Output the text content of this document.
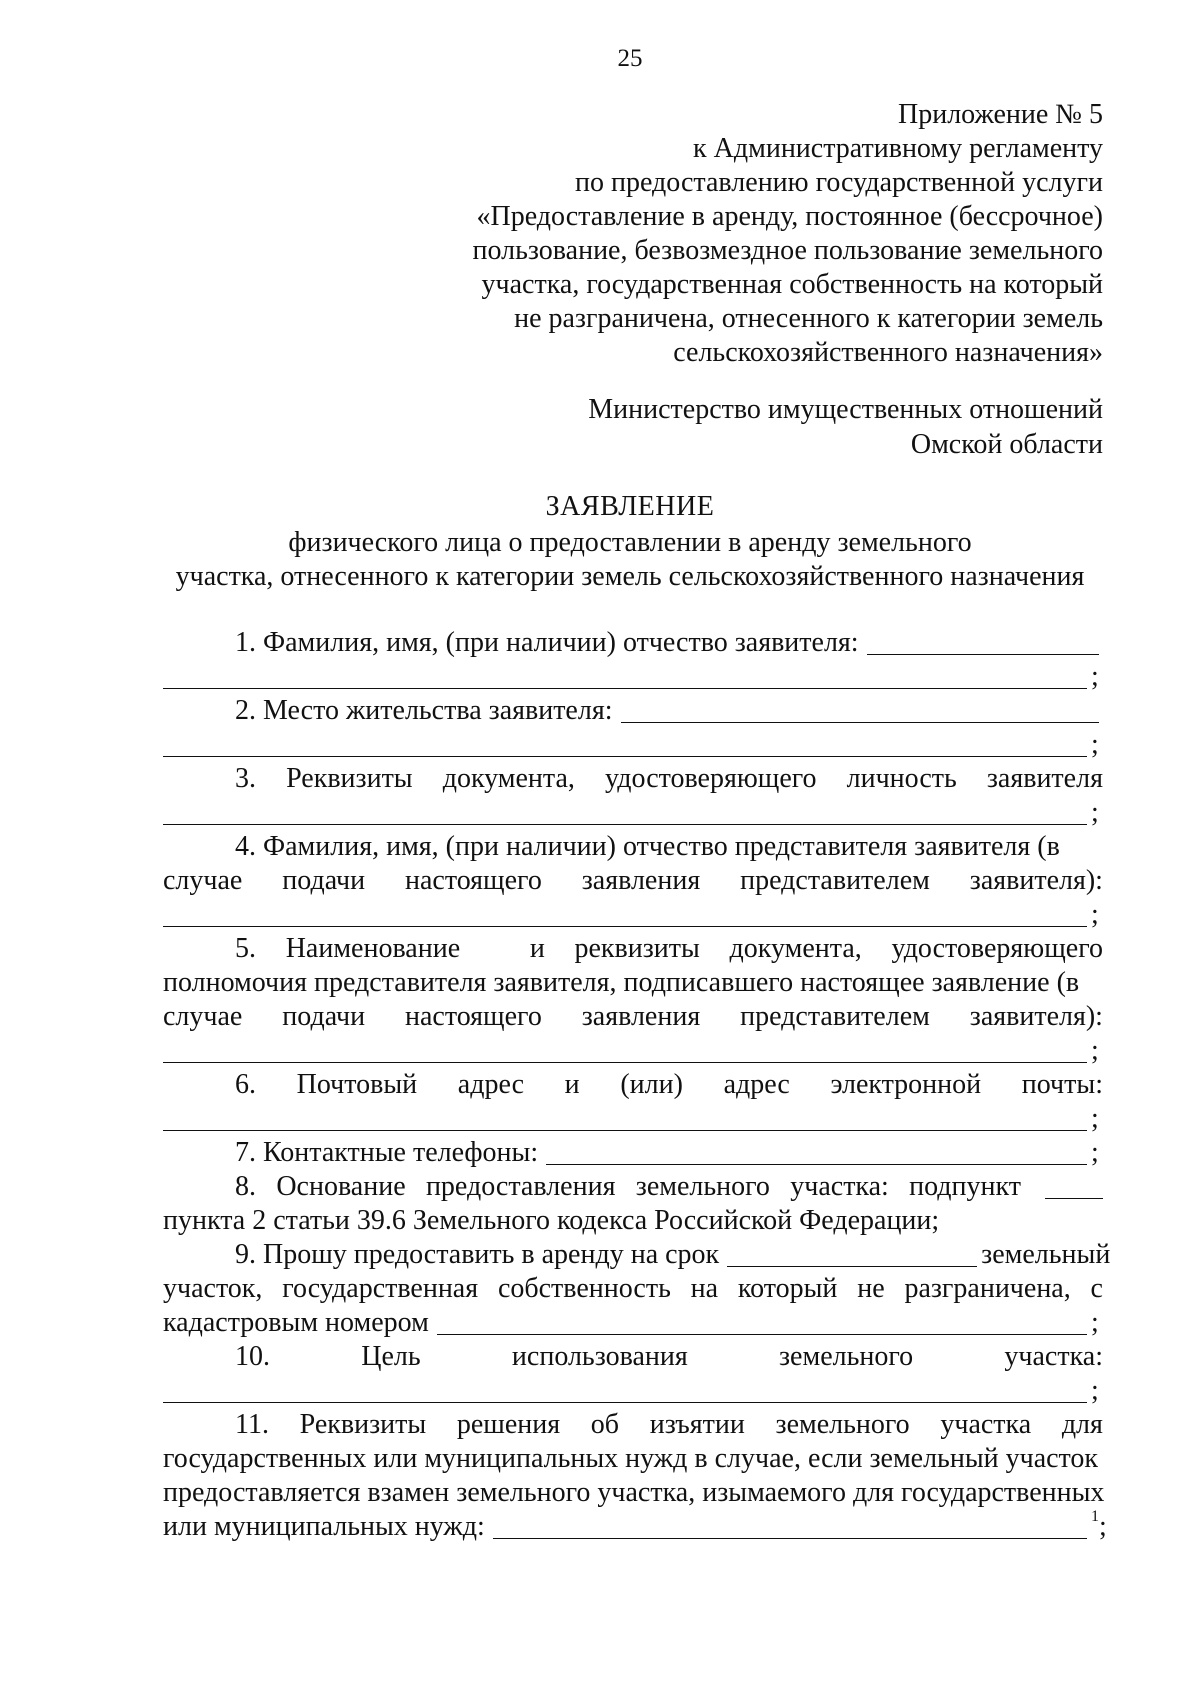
25
Приложение № 5
к Административному регламенту
по предоставлению государственной услуги
«Предоставление в аренду, постоянное (бессрочное)
пользование, безвозмездное пользование земельного
участка, государственная собственность на который
не разграничена, отнесенного к категории земель
сельскохозяйственного назначения»
Министерство имущественных отношений
Омской области
ЗАЯВЛЕНИЕ
физического лица о предоставлении в аренду земельного
участка, отнесенного к категории земель сельскохозяйственного назначения
1. Фамилия, имя, (при наличии) отчество заявителя:
;
2. Место жительства заявителя:
;
3. Реквизиты документа, удостоверяющего личность заявителя
;
4. Фамилия, имя, (при наличии) отчество представителя заявителя (в
случае подачи настоящего заявления представителем заявителя):
;
5. Наименование и реквизиты документа, удостоверяющего
полномочия представителя заявителя, подписавшего настоящее заявление (в
случае подачи настоящего заявления представителем заявителя):
;
6. Почтовый адрес и (или) адрес электронной почты:
;
7. Контактные телефоны:	;
8. Основание предоставления земельного участка: подпункт
пункта 2 статьи 39.6 Земельного кодекса Российской Федерации;
9. Прошу предоставить в аренду на срок	земельный
участок, государственная собственность на который не разграничена, с
кадастровым номером	;
10.	Цель	использования	земельного	участка:
;
11. Реквизиты решения об изъятии земельного участка для
государственных или муниципальных нужд в случае, если земельный участок
предоставляется взамен земельного участка, изымаемого для государственных
или муниципальных нужд:	$^1$;
